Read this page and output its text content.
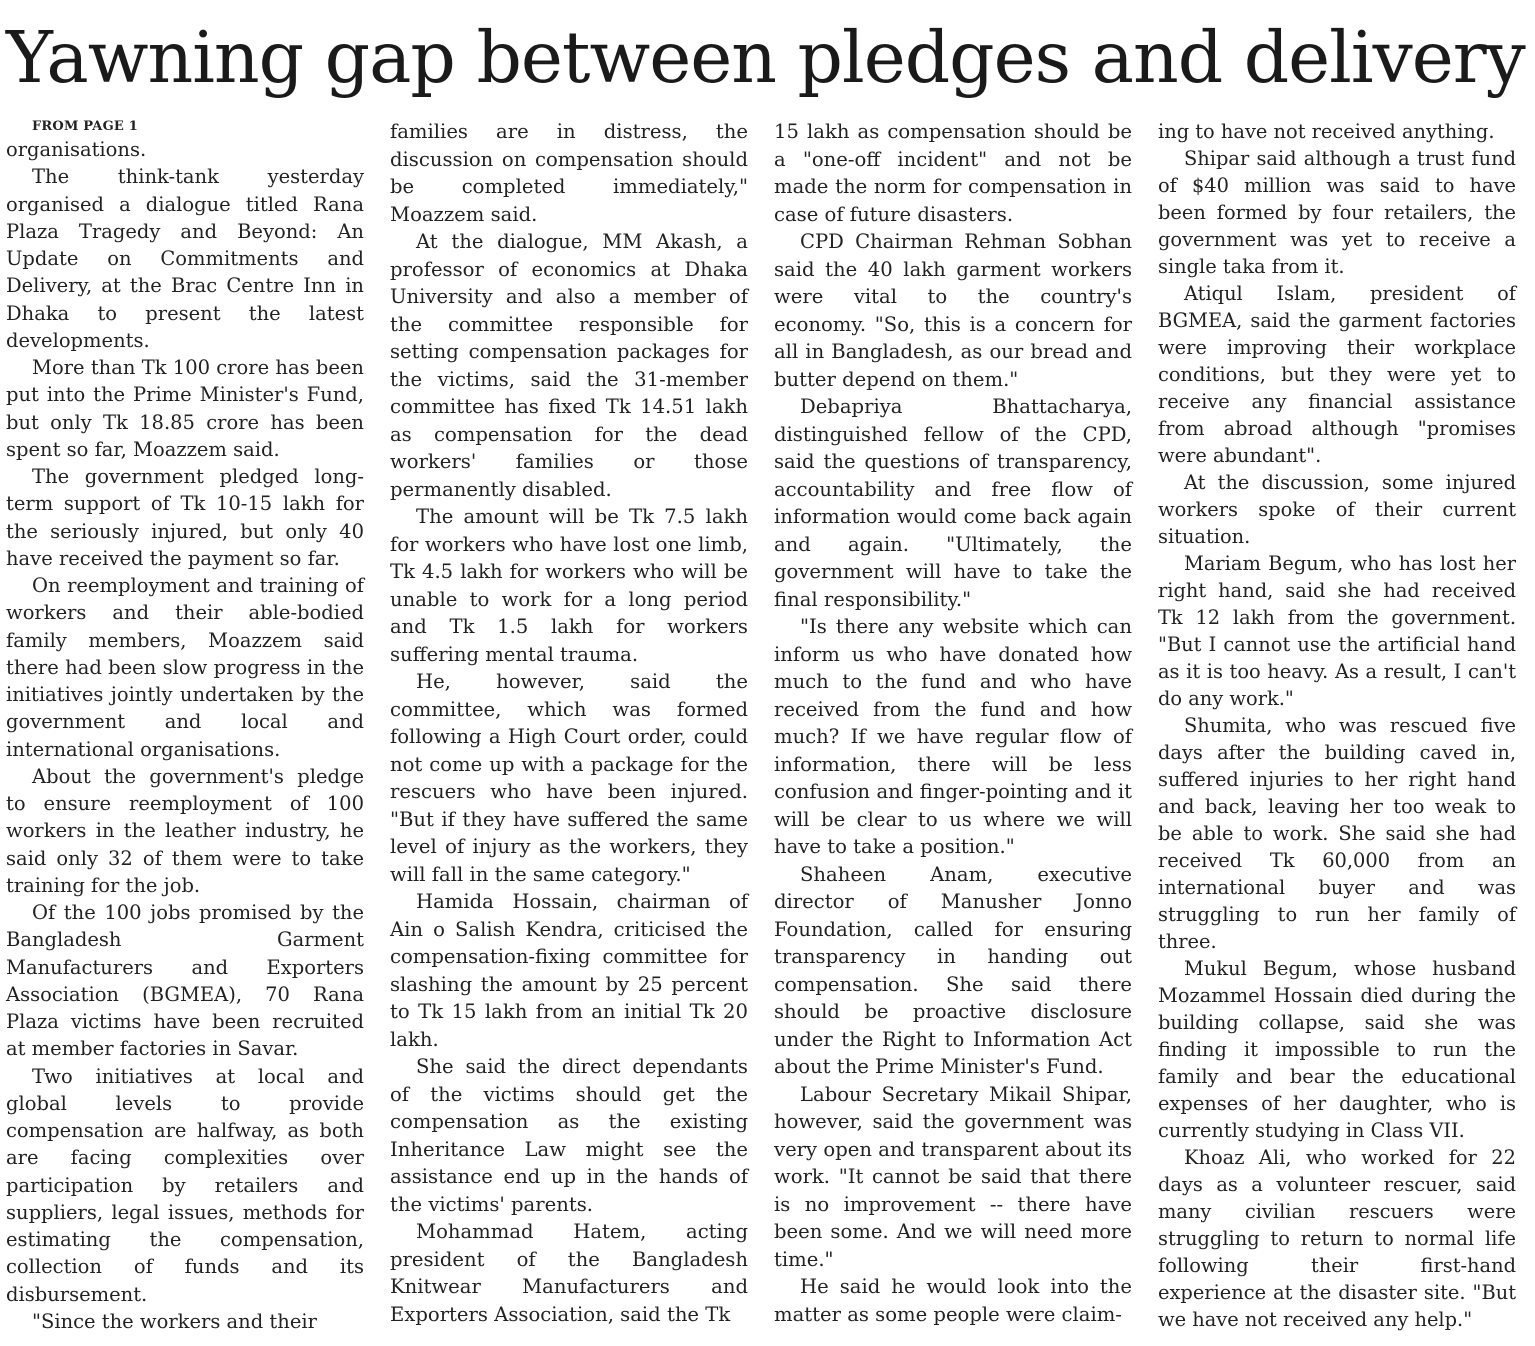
Yawning gap between pledges and delivery

FROM PAGE 1

organisations.

The think-tank yesterday organised a dialogue titled Rana Plaza Tragedy and Beyond: An Update on Commitments and Delivery, at the Brac Centre Inn in Dhaka to present the latest developments.

More than Tk 100 crore has been put into the Prime Minister's Fund, but only Tk 18.85 crore has been spent so far, Moazzem said.

The government pledged long-term support of Tk 10-15 lakh for the seriously injured, but only 40 have received the payment so far.

On reemployment and training of workers and their able-bodied family members, Moazzem said there had been slow progress in the initiatives jointly undertaken by the government and local and international organisations.

About the government's pledge to ensure reemployment of 100 workers in the leather industry, he said only 32 of them were to take training for the job.

Of the 100 jobs promised by the Bangladesh Garment Manufacturers and Exporters Association (BGMEA), 70 Rana Plaza victims have been recruited at member factories in Savar.

Two initiatives at local and global levels to provide compensation are halfway, as both are facing complexities over participation by retailers and suppliers, legal issues, methods for estimating the compensation, collection of funds and its disbursement.

"Since the workers and their

families are in distress, the discussion on compensation should be completed immediately," Moazzem said.

At the dialogue, MM Akash, a professor of economics at Dhaka University and also a member of the committee responsible for setting compensation packages for the victims, said the 31-member committee has fixed Tk 14.51 lakh as compensation for the dead workers' families or those permanently disabled.

The amount will be Tk 7.5 lakh for workers who have lost one limb, Tk 4.5 lakh for workers who will be unable to work for a long period and Tk 1.5 lakh for workers suffering mental trauma.

He, however, said the committee, which was formed following a High Court order, could not come up with a package for the rescuers who have been injured. "But if they have suffered the same level of injury as the workers, they will fall in the same category."

Hamida Hossain, chairman of Ain o Salish Kendra, criticised the compensation-fixing committee for slashing the amount by 25 percent to Tk 15 lakh from an initial Tk 20 lakh.

She said the direct dependants of the victims should get the compensation as the existing Inheritance Law might see the assistance end up in the hands of the victims' parents.

Mohammad Hatem, acting president of the Bangladesh Knitwear Manufacturers and Exporters Association, said the Tk

15 lakh as compensation should be a "one-off incident" and not be made the norm for compensation in case of future disasters.

CPD Chairman Rehman Sobhan said the 40 lakh garment workers were vital to the country's economy. "So, this is a concern for all in Bangladesh, as our bread and butter depend on them."

Debapriya Bhattacharya, distinguished fellow of the CPD, said the questions of transparency, accountability and free flow of information would come back again and again. "Ultimately, the government will have to take the final responsibility."

"Is there any website which can inform us who have donated how much to the fund and who have received from the fund and how much? If we have regular flow of information, there will be less confusion and finger-pointing and it will be clear to us where we will have to take a position."

Shaheen Anam, executive director of Manusher Jonno Foundation, called for ensuring transparency in handing out compensation. She said there should be proactive disclosure under the Right to Information Act about the Prime Minister's Fund.

Labour Secretary Mikail Shipar, however, said the government was very open and transparent about its work. "It cannot be said that there is no improvement -- there have been some. And we will need more time."

He said he would look into the matter as some people were claim-

ing to have not received anything.

Shipar said although a trust fund of $40 million was said to have been formed by four retailers, the government was yet to receive a single taka from it.

Atiqul Islam, president of BGMEA, said the garment factories were improving their workplace conditions, but they were yet to receive any financial assistance from abroad although "promises were abundant".

At the discussion, some injured workers spoke of their current situation.

Mariam Begum, who has lost her right hand, said she had received Tk 12 lakh from the government. "But I cannot use the artificial hand as it is too heavy. As a result, I can't do any work."

Shumita, who was rescued five days after the building caved in, suffered injuries to her right hand and back, leaving her too weak to be able to work. She said she had received Tk 60,000 from an international buyer and was struggling to run her family of three.

Mukul Begum, whose husband Mozammel Hossain died during the building collapse, said she was finding it impossible to run the family and bear the educational expenses of her daughter, who is currently studying in Class VII.

Khoaz Ali, who worked for 22 days as a volunteer rescuer, said many civilian rescuers were struggling to return to normal life following their first-hand experience at the disaster site. "But we have not received any help."
